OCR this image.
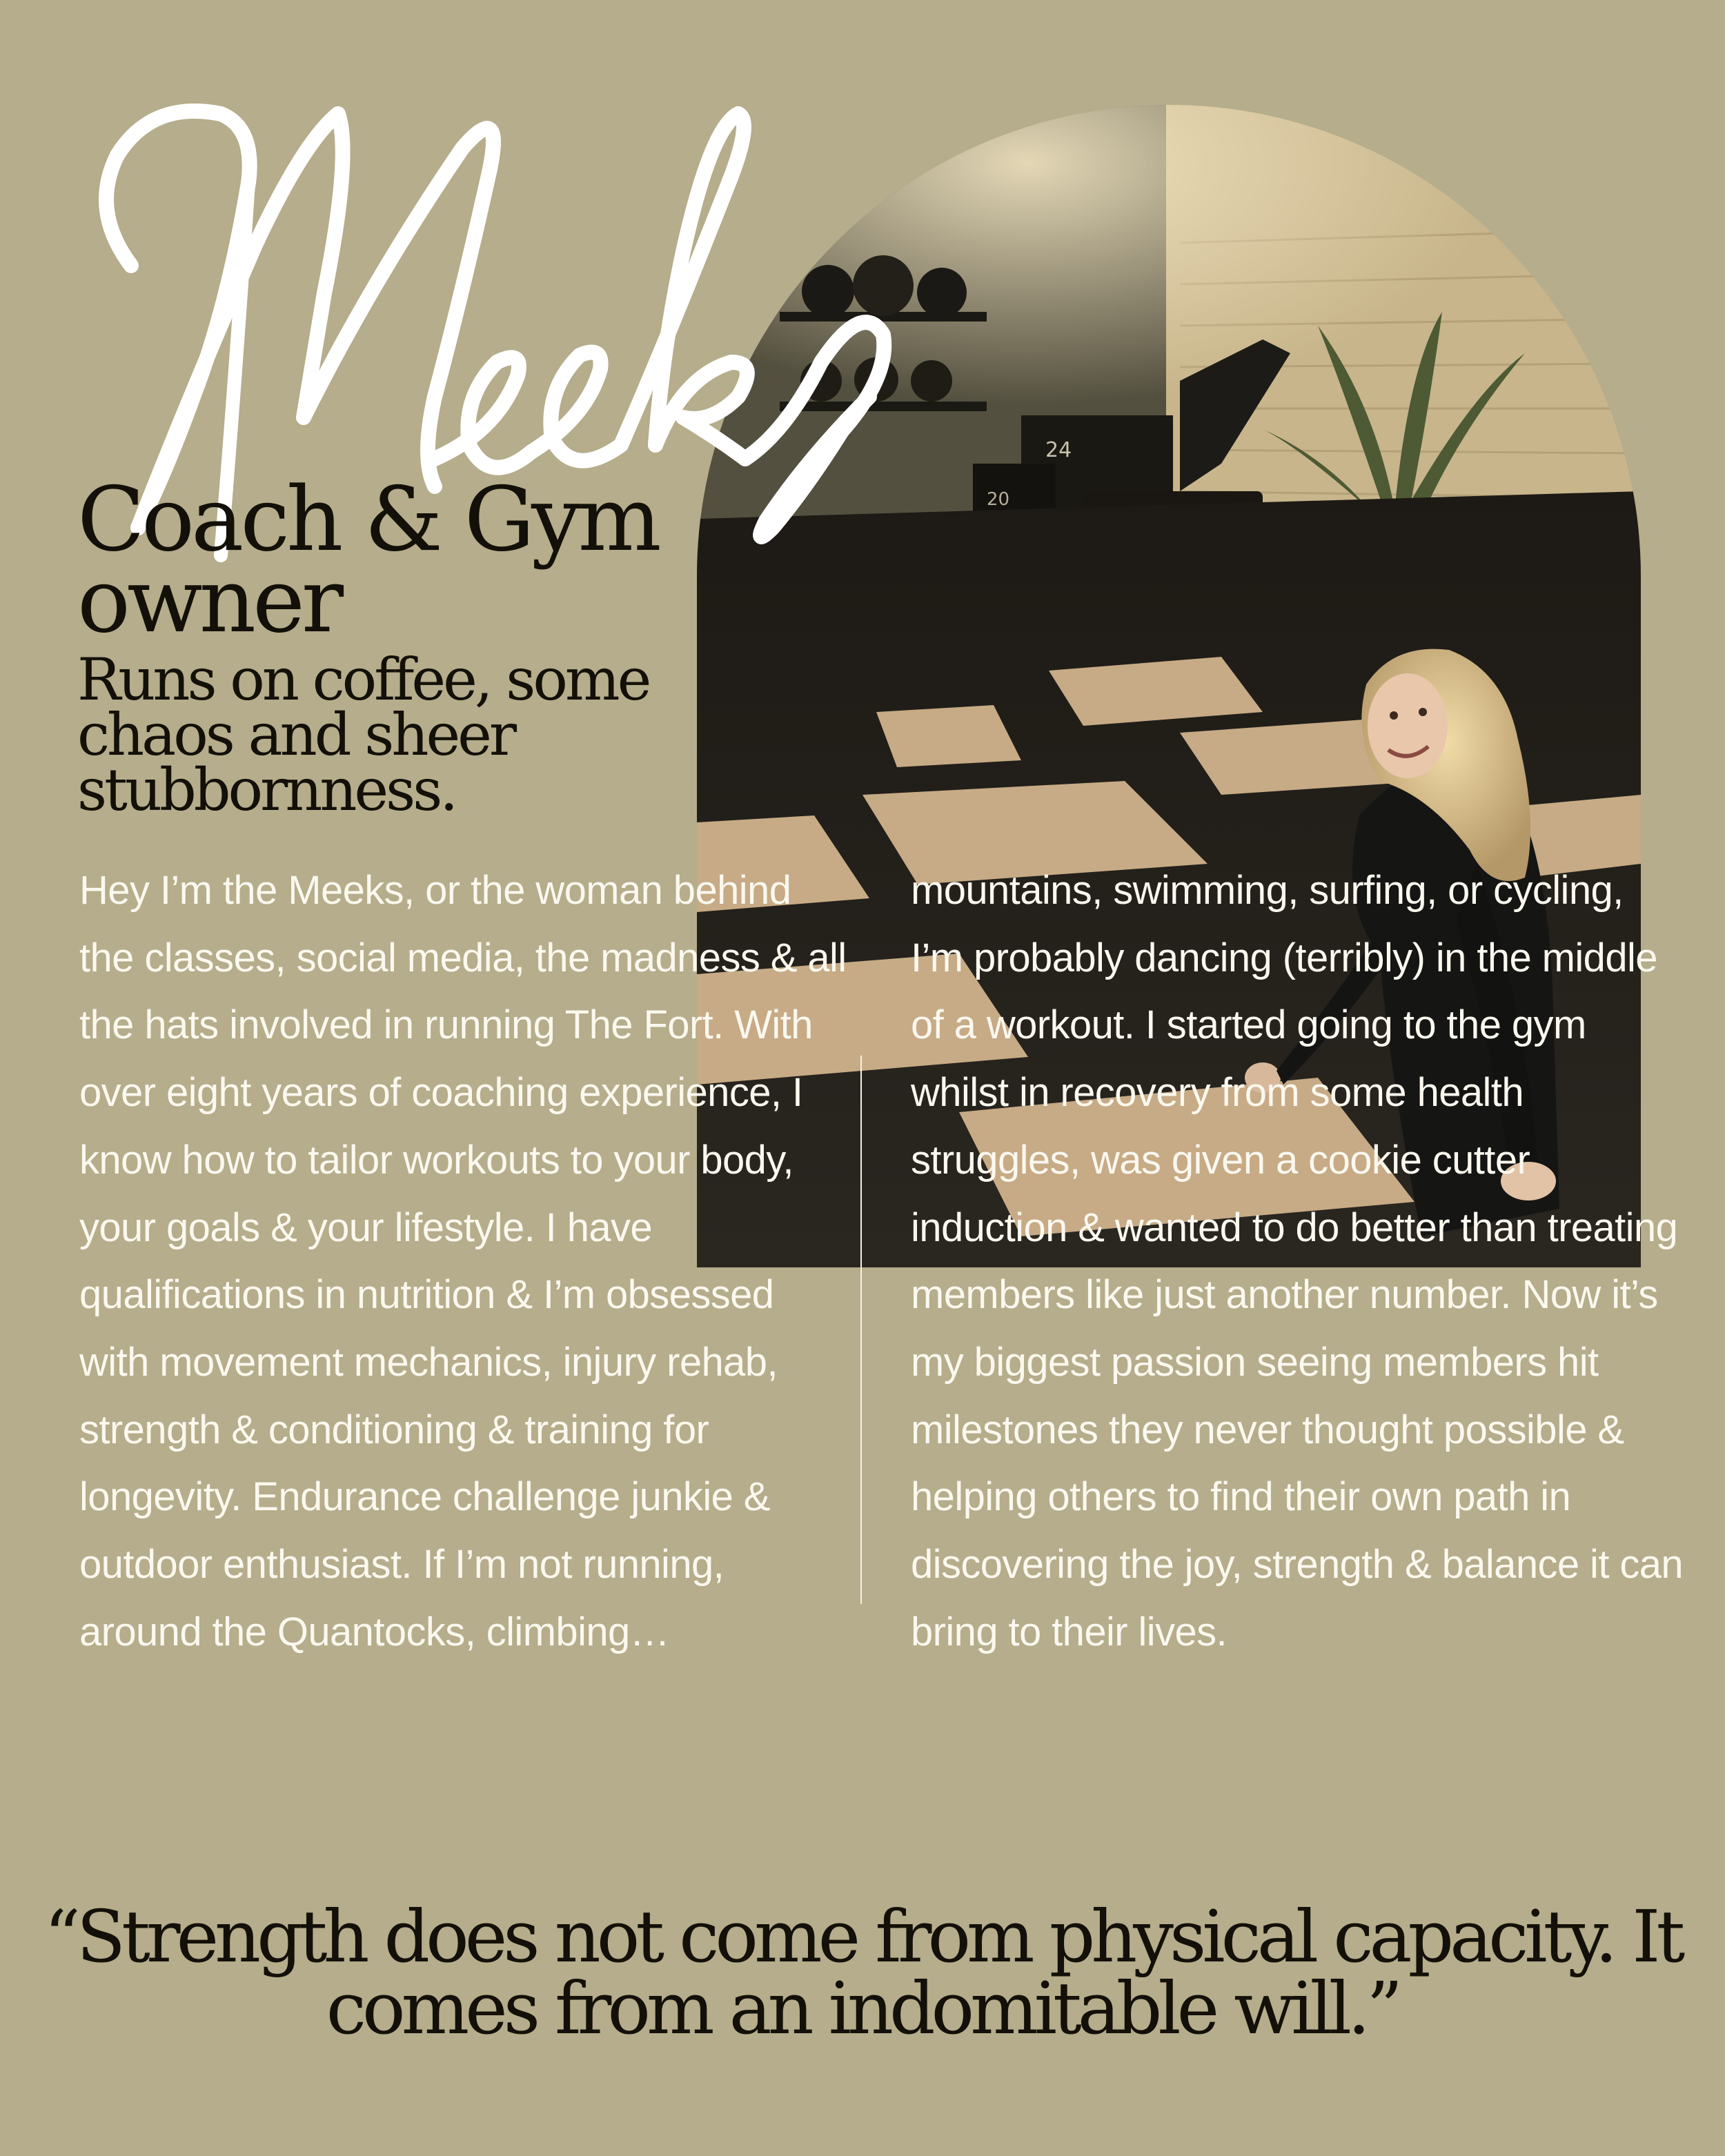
24
20
Coach & Gym owner
Runs on coffee, some chaos and sheer stubbornness.

Hey I’m the Meeks, or the woman behind the classes, social media, the madness & all the hats involved in running The Fort. With over eight years of coaching experience, I know how to tailor workouts to your body, your goals & your lifestyle. I have qualifications in nutrition & I’m obsessed with movement mechanics, injury rehab, strength & conditioning & training for longevity. Endurance challenge junkie & outdoor enthusiast. If I’m not running, around the Quantocks, climbing…

mountains, swimming, surfing, or cycling, I’m probably dancing (terribly) in the middle of a workout. I started going to the gym whilst in recovery from some health struggles, was given a cookie cutter induction & wanted to do better than treating members like just another number. Now it’s my biggest passion seeing members hit milestones they never thought possible & helping others to find their own path in discovering the joy, strength & balance it can bring to their lives.

“Strength does not come from physical capacity. It comes from an indomitable will.”
